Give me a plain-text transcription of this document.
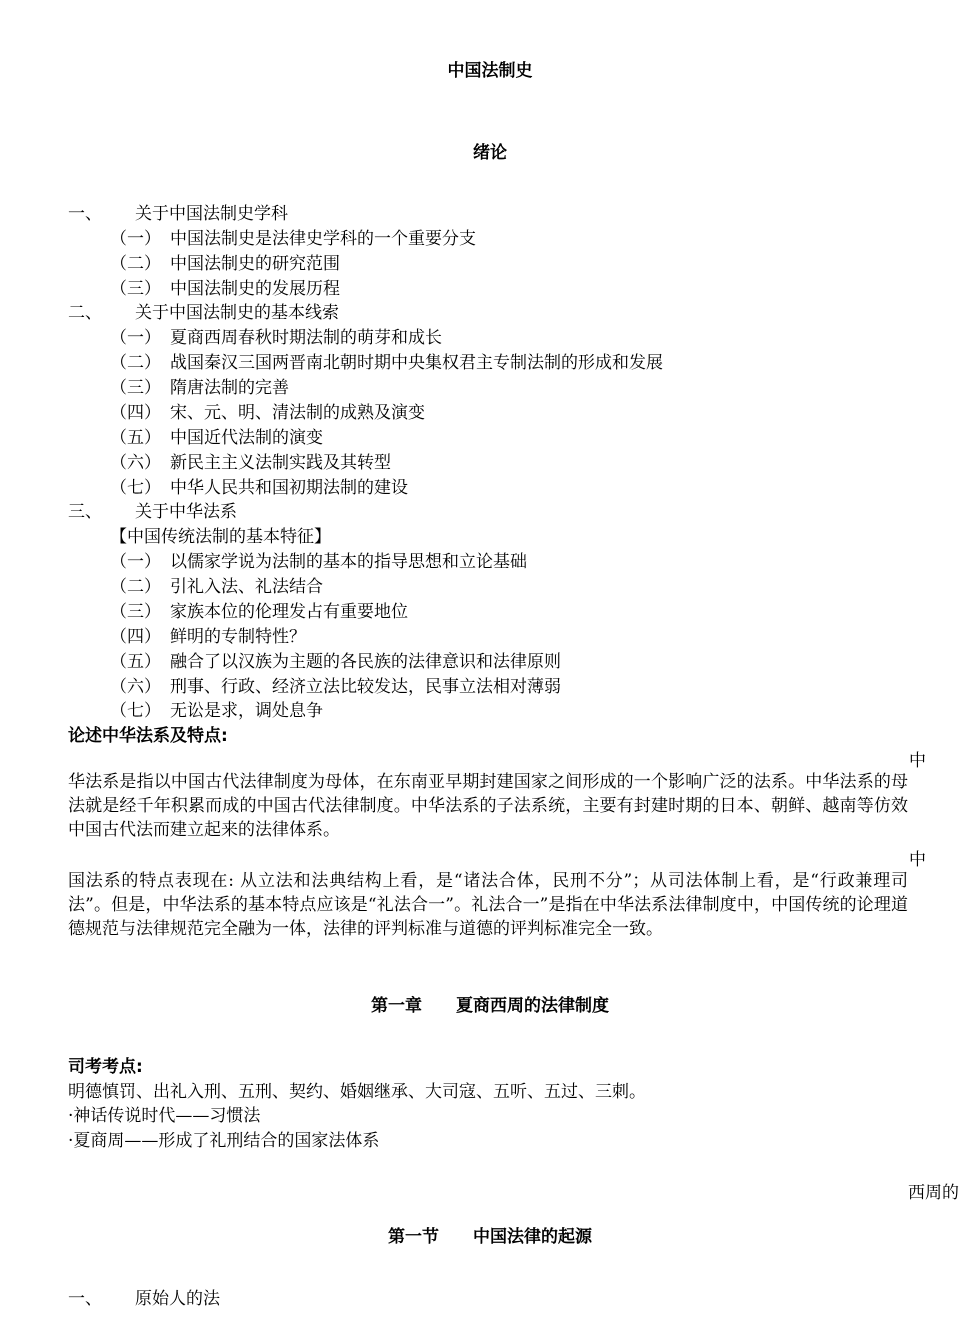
中国法制史
绪论
一、 关于中国法制史学科
（一） 中国法制史是法律史学科的一个重要分支
（二） 中国法制史的研究范围
（三） 中国法制史的发展历程
二、 关于中国法制史的基本线索
（一） 夏商西周春秋时期法制的萌芽和成长
（二） 战国秦汉三国两晋南北朝时期中央集权君主专制法制的形成和发展
（三） 隋唐法制的完善
（四） 宋、元、明、清法制的成熟及演变
（五） 中国近代法制的演变
（六） 新民主主义法制实践及其转型
（七） 中华人民共和国初期法制的建设
三、 关于中华法系
【中国传统法制的基本特征】
（一） 以儒家学说为法制的基本的指导思想和立论基础
（二） 引礼入法、礼法结合
（三） 家族本位的伦理发占有重要地位
（四） 鲜明的专制特性？
（五） 融合了以汉族为主题的各民族的法律意识和法律原则
（六） 刑事、行政、经济立法比较发达，民事立法相对薄弱
（七） 无讼是求，调处息争
论述中华法系及特点:
中
华法系是指以中国古代法律制度为母体，在东南亚早期封建国家之间形成的一个影响广泛的法系。中华法系的母法就是经千年积累而成的中国古代法律制度。中华法系的子法系统，主要有封建时期的日本、朝鲜、越南等仿效中国古代法而建立起来的法律体系。
中
国法系的特点表现在: 从立法和法典结构上看，是“诸法合体，民刑不分”；从司法体制上看，是“行政兼理司法”。但是，中华法系的基本特点应该是“礼法合一”。礼法合一”是指在中华法系法律制度中，中国传统的论理道德规范与法律规范完全融为一体，法律的评判标准与道德的评判标准完全一致。
第一章　　夏商西周的法律制度
司考考点:
明德慎罚、出礼入刑、五刑、契约、婚姻继承、大司寇、五听、五过、三刺。
·神话传说时代——习惯法
·夏商周——形成了礼刑结合的国家法体系
西周的
第一节　　中国法律的起源
一、 原始人的法
